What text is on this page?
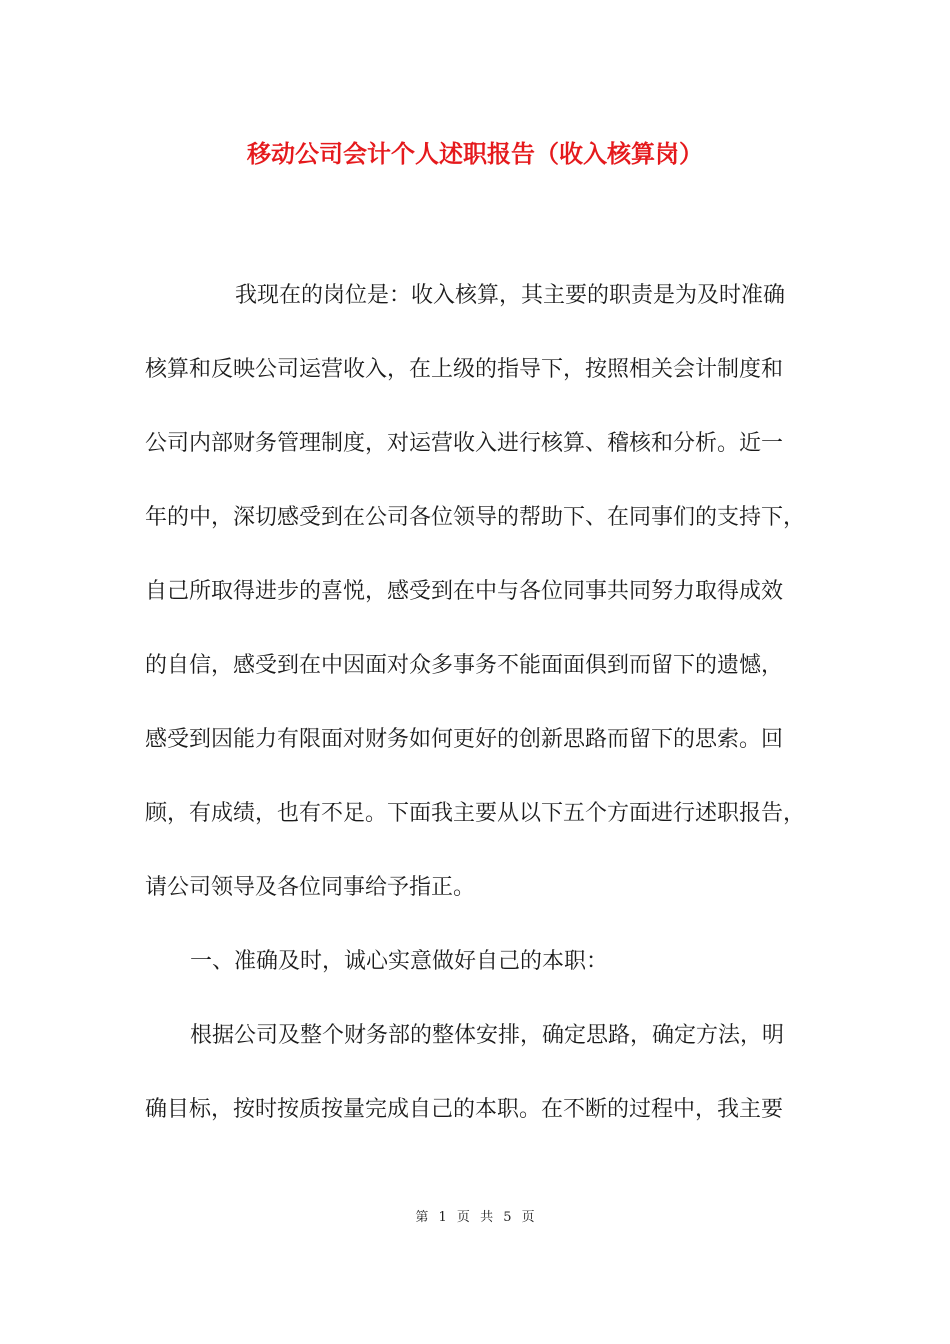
移动公司会计个人述职报告（收入核算岗）
我现在的岗位是：收入核算，其主要的职责是为及时准确
核算和反映公司运营收入，在上级的指导下，按照相关会计制度和
公司内部财务管理制度，对运营收入进行核算、稽核和分析。近一
年的中，深切感受到在公司各位领导的帮助下、在同事们的支持下，
自己所取得进步的喜悦，感受到在中与各位同事共同努力取得成效
的自信，感受到在中因面对众多事务不能面面俱到而留下的遗憾，
感受到因能力有限面对财务如何更好的创新思路而留下的思索。回
顾，有成绩，也有不足。下面我主要从以下五个方面进行述职报告，
请公司领导及各位同事给予指正。
一、准确及时，诚心实意做好自己的本职：
根据公司及整个财务部的整体安排，确定思路，确定方法，明
确目标，按时按质按量完成自己的本职。在不断的过程中，我主要
第 1 页 共 5 页
